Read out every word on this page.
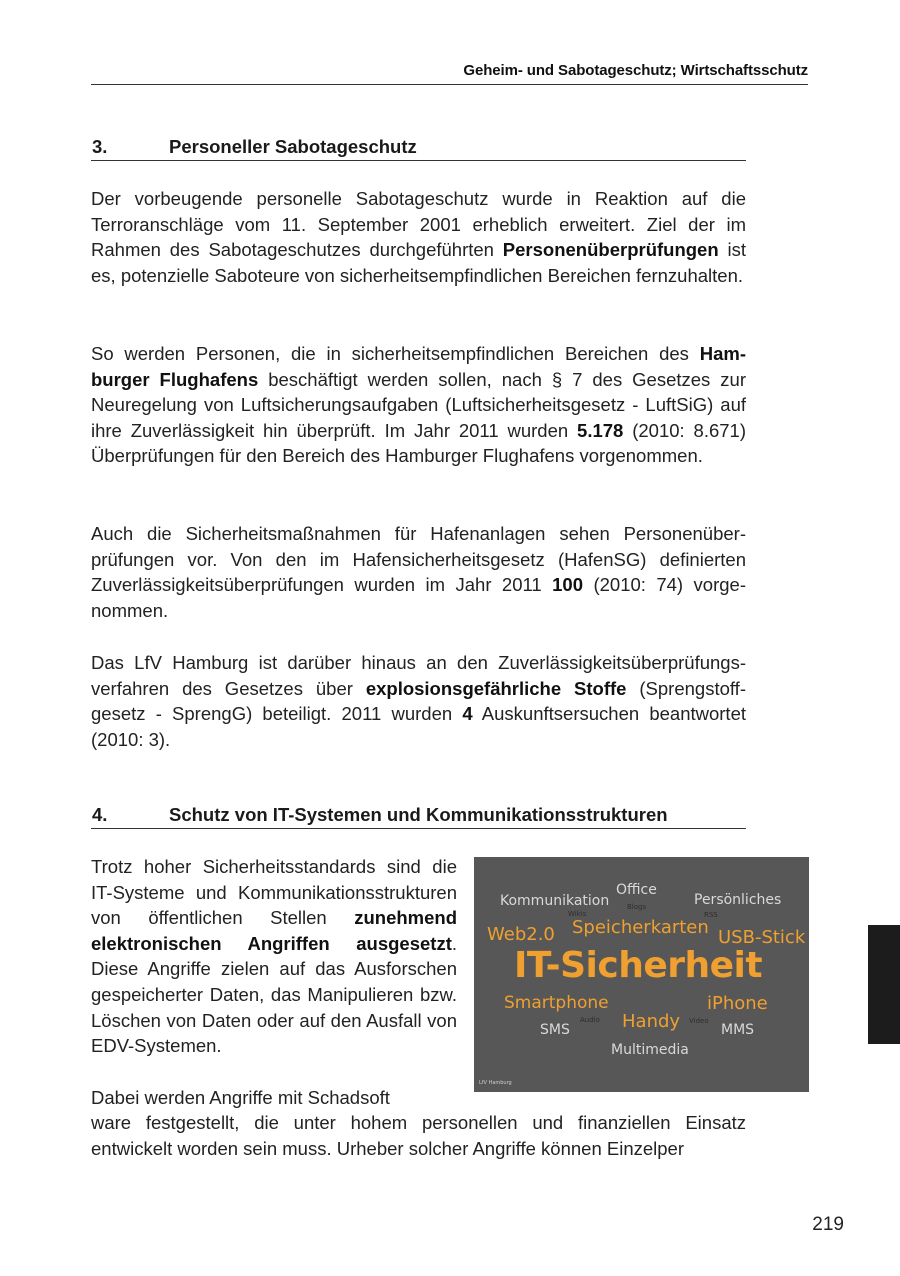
Geheim- und Sabotageschutz; Wirtschaftsschutz
3.	Personeller Sabotageschutz

Der vorbeugende personelle Sabotageschutz wurde in Reaktion auf die Terroranschläge vom 11. September 2001 erheblich erweitert. Ziel der im Rahmen des Sabotageschutzes durchgeführten Personenüberprüfungen ist es, potenzielle Saboteure von sicherheitsempfindlichen Bereichen fernzuhalten.

So werden Personen, die in sicherheitsempfindlichen Bereichen des Hamburger Flughafens beschäftigt werden sollen, nach § 7 des Gesetzes zur Neuregelung von Luftsicherungsaufgaben (Luftsicherheitsgesetz - LuftSiG) auf ihre Zuverlässigkeit hin überprüft. Im Jahr 2011 wurden 5.178 (2010: 8.671) Überprüfungen für den Bereich des Hamburger Flughafens vorgenommen.

Auch die Sicherheitsmaßnahmen für Hafenanlagen sehen Personenüberprüfungen vor. Von den im Hafensicherheitsgesetz (HafenSG) definierten Zuverlässigkeitsüberprüfungen wurden im Jahr 2011 100 (2010: 74) vorgenommen.

Das LfV Hamburg ist darüber hinaus an den Zuverlässigkeitsüberprüfungsverfahren des Gesetzes über explosionsgefährliche Stoffe (Sprengstoffgesetz - SprengG) beteiligt. 2011 wurden 4 Auskunftsersuchen beantwortet (2010: 3).

4.	Schutz von IT-Systemen und Kommunikationsstrukturen

Trotz hoher Sicherheitsstandards sind die IT-Systeme und Kommunikationsstrukturen von öffentlichen Stellen zunehmend elektronischen Angriffen ausgesetzt. Diese Angriffe zielen auf das Ausforschen gespeicherter Daten, das Manipulieren bzw. Löschen von Daten oder auf den Ausfall von EDV-Systemen.

Dabei werden Angriffe mit Schadsoft

ware festgestellt, die unter hohem personellen und finanziellen Einsatz entwickelt worden sein muss. Urheber solcher Angriffe können Einzelper

Kommunikation
Office
Persönliches
Wikis
Blogs
RSS
Web2.0 Speicherkarten USB-Stick
IT-Sicherheit
Smartphone	iPhone
SMS
Audio Handy Video
MMS
Multimedia
LfV Hamburg
219
